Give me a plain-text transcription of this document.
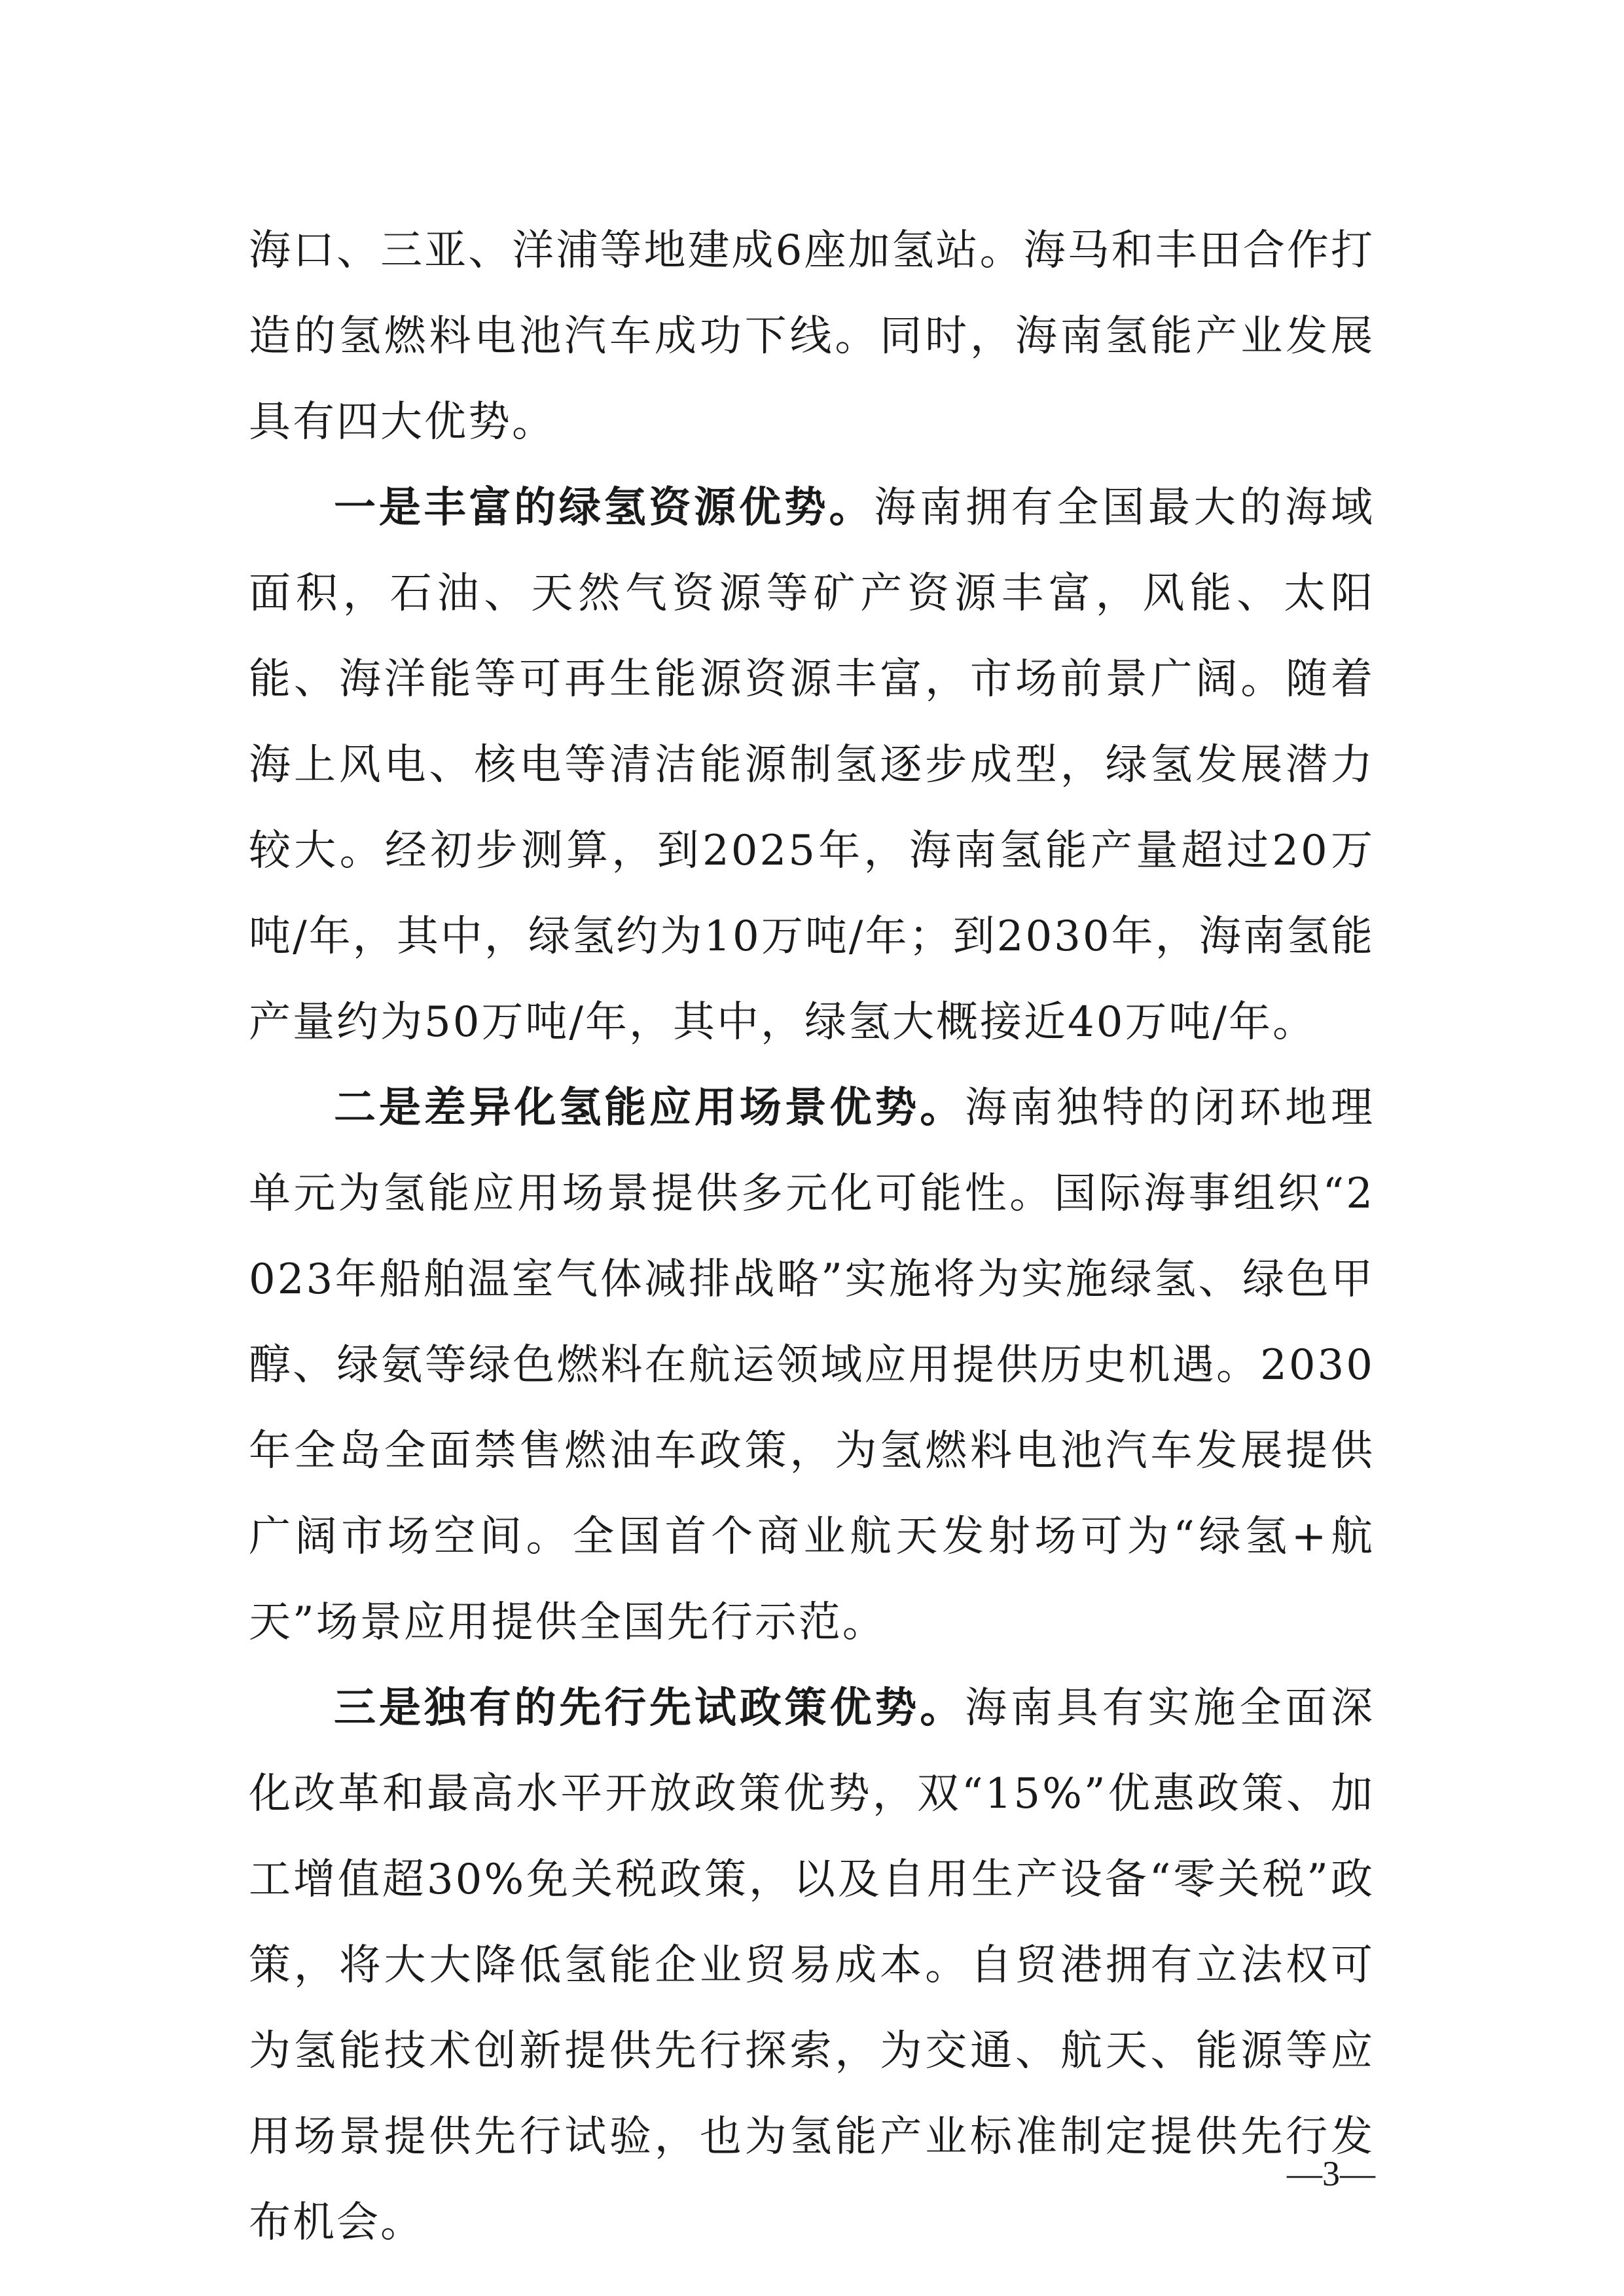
海口、三亚、洋浦等地建成6座加氢站。海马和丰田合作打造的氢燃料电池汽车成功下线。同时，海南氢能产业发展具有四大优势。

一是丰富的绿氢资源优势。海南拥有全国最大的海域面积，石油、天然气资源等矿产资源丰富，风能、太阳能、海洋能等可再生能源资源丰富，市场前景广阔。随着海上风电、核电等清洁能源制氢逐步成型，绿氢发展潜力较大。经初步测算，到2025年，海南氢能产量超过20万吨/年，其中，绿氢约为10万吨/年；到2030年，海南氢能产量约为50万吨/年，其中，绿氢大概接近40万吨/年。

二是差异化氢能应用场景优势。海南独特的闭环地理单元为氢能应用场景提供多元化可能性。国际海事组织“2023年船舶温室气体减排战略”实施将为实施绿氢、绿色甲醇、绿氨等绿色燃料在航运领域应用提供历史机遇。2030年全岛全面禁售燃油车政策，为氢燃料电池汽车发展提供广阔市场空间。全国首个商业航天发射场可为“绿氢+航天”场景应用提供全国先行示范。

三是独有的先行先试政策优势。海南具有实施全面深化改革和最高水平开放政策优势，双“15%”优惠政策、加工增值超30%免关税政策，以及自用生产设备“零关税”政策，将大大降低氢能企业贸易成本。自贸港拥有立法权可为氢能技术创新提供先行探索，为交通、航天、能源等应用场景提供先行试验，也为氢能产业标准制定提供先行发布机会。

—3—
